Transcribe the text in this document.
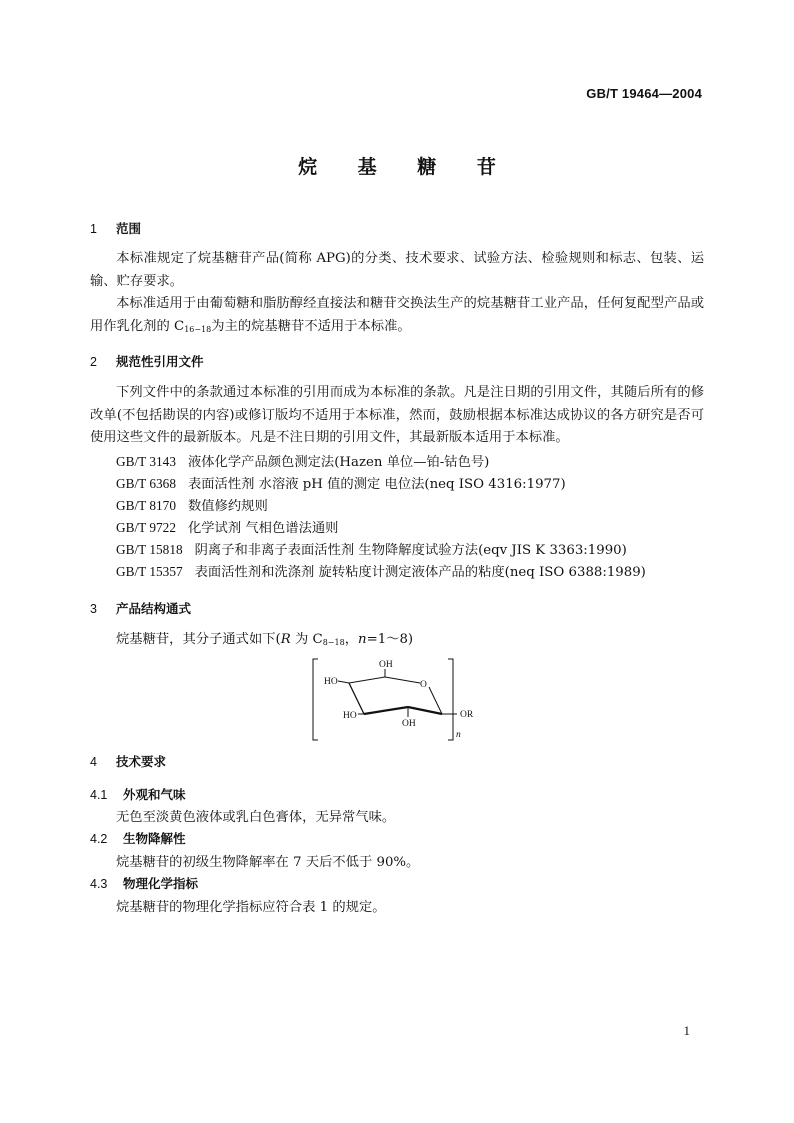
GB/T 19464—2004
烷 基 糖 苷
1 范围
本标准规定了烷基糖苷产品(简称 APG)的分类、技术要求、试验方法、检验规则和标志、包装、运输、贮存要求。
本标准适用于由葡萄糖和脂肪醇经直接法和糖苷交换法生产的烷基糖苷工业产品，任何复配型产品或用作乳化剂的 $C_{16-18}$为主的烷基糖苷不适用于本标准。
2 规范性引用文件
下列文件中的条款通过本标准的引用而成为本标准的条款。凡是注日期的引用文件，其随后所有的修改单(不包括勘误的内容)或修订版均不适用于本标准，然而，鼓励根据本标准达成协议的各方研究是否可使用这些文件的最新版本。凡是不注日期的引用文件，其最新版本适用于本标准。
GB/T 3143 液体化学产品颜色测定法(Hazen 单位—铂-钴色号)
GB/T 6368 表面活性剂 水溶液 pH 值的测定 电位法(neq ISO 4316:1977)
GB/T 8170 数值修约规则
GB/T 9722 化学试剂 气相色谱法通则
GB/T 15818 阴离子和非离子表面活性剂 生物降解度试验方法(eqv JIS K 3363:1990)
GB/T 15357 表面活性剂和洗涤剂 旋转粘度计测定液体产品的粘度(neq ISO 6388:1989)
3 产品结构通式
烷基糖苷，其分子通式如下(R 为 $C_{8-18}$，n=1～8)
OH
HO	O
HO
OH
OR
n
4 技术要求
4.1 外观和气味
无色至淡黄色液体或乳白色膏体，无异常气味。
4.2 生物降解性
烷基糖苷的初级生物降解率在 7 天后不低于 90%。
4.3 物理化学指标
烷基糖苷的物理化学指标应符合表 1 的规定。
1
